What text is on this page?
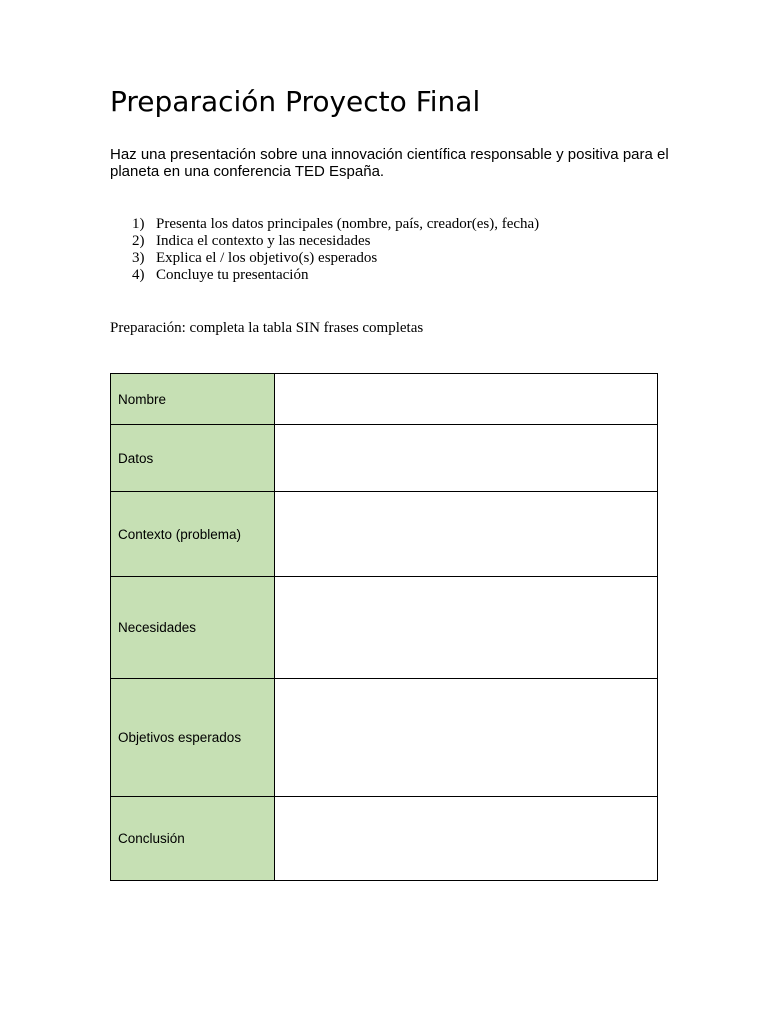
Preparación Proyecto Final

Haz una presentación sobre una innovación científica responsable y positiva para el planeta en una conferencia TED España.

1) Presenta los datos principales (nombre, país, creador(es), fecha)
2) Indica el contexto y las necesidades
3) Explica el / los objetivo(s) esperados
4) Concluye tu presentación

Preparación: completa la tabla SIN frases completas

Nombre	
Datos	
Contexto (problema)	
Necesidades	
Objetivos esperados	
Conclusión	
